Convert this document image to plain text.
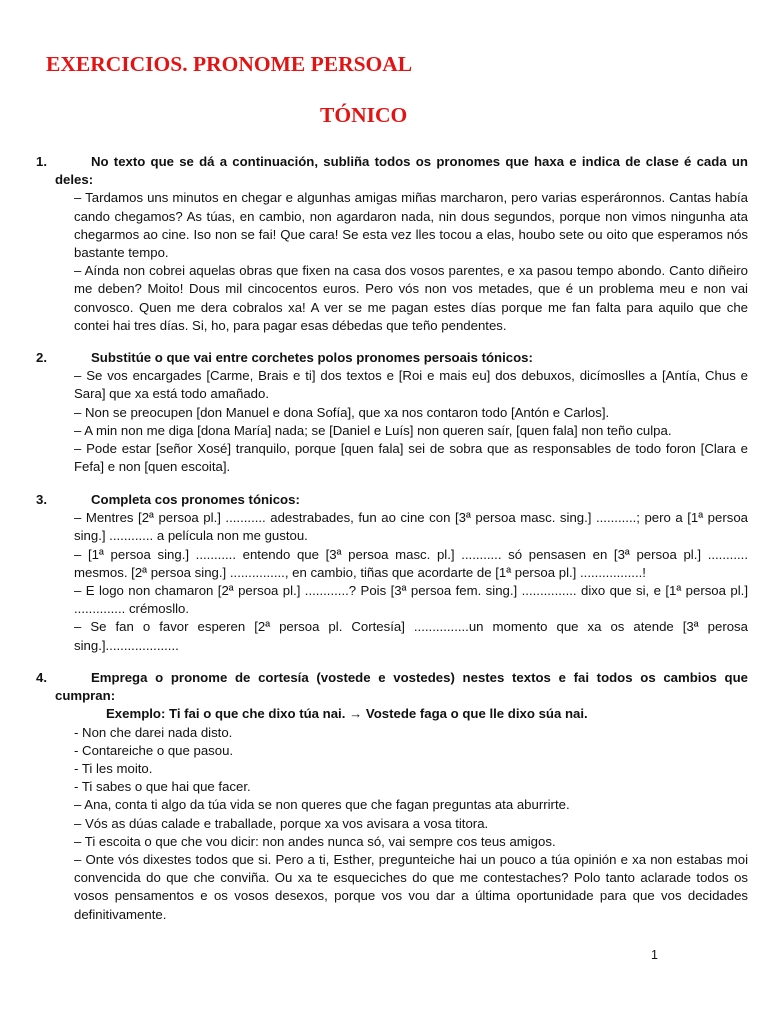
EXERCICIOS. PRONOME PERSOAL
TÓNICO
1.	No texto que se dá a continuación, subliña todos os pronomes que haxa e indica de clase é cada un deles:
– Tardamos uns minutos en chegar e algunhas amigas miñas marcharon, pero varias esperáronnos. Cantas había cando chegamos? As túas, en cambio, non agardaron nada, nin dous segundos, porque non vimos ningunha ata chegarmos ao cine. Iso non se fai! Que cara! Se esta vez lles tocou a elas, houbo sete ou oito que esperamos nós bastante tempo.
– Aínda non cobrei aquelas obras que fixen na casa dos vosos parentes, e xa pasou tempo abondo. Canto diñeiro me deben? Moito! Dous mil cincocentos euros. Pero vós non vos metades, que é un problema meu e non vai convosco. Quen me dera cobralos xa! A ver se me pagan estes días porque me fan falta para aquilo que che contei hai tres días. Si, ho, para pagar esas débedas que teño pendentes.
2.	Substitúe o que vai entre corchetes polos pronomes persoais tónicos:
– Se vos encargades [Carme, Brais e ti] dos textos e [Roi e mais eu] dos debuxos, dicímoslles a [Antía, Chus e Sara] que xa está todo amañado.
– Non se preocupen [don Manuel e dona Sofía], que xa nos contaron todo [Antón e Carlos].
– A min non me diga [dona María] nada; se [Daniel e Luís] non queren saír, [quen fala] non teño culpa.
– Pode estar [señor Xosé] tranquilo, porque [quen fala] sei de sobra que as responsables de todo foron [Clara e Fefa] e non [quen escoita].
3.	Completa cos pronomes tónicos:
– Mentres [2ª persoa pl.] ........... adestrabades, fun ao cine con [3ª persoa masc. sing.] ...........; pero a [1ª persoa sing.] ............ a película non me gustou.
– [1ª persoa sing.] ........... entendo que [3ª persoa masc. pl.] ........... só pensasen en [3ª persoa pl.] ........... mesmos. [2ª persoa sing.] ..............., en cambio, tiñas que acordarte de [1ª persoa pl.] .................!
– E logo non chamaron [2ª persoa pl.] ............? Pois [3ª persoa fem. sing.] ............... dixo que si, e [1ª persoa pl.] .............. crémosllo.
– Se fan o favor esperen [2ª persoa pl. Cortesía] ...............un momento que xa os atende [3ª perosa sing.]....................
4.	Emprega o pronome de cortesía (vostede e vostedes) nestes textos e fai todos os cambios que cumpran:
Exemplo: Ti fai o que che dixo túa nai. → Vostede faga o que lle dixo súa nai.
- Non che darei nada disto.
- Contareiche o que pasou.
- Ti les moito.
- Ti sabes o que hai que facer.
– Ana, conta ti algo da túa vida se non queres que che fagan preguntas ata aburrirte.
– Vós as dúas calade e traballade, porque xa vos avisara a vosa titora.
– Ti escoita o que che vou dicir: non andes nunca só, vai sempre cos teus amigos.
– Onte vós dixestes todos que si. Pero a ti, Esther, pregunteiche hai un pouco a túa opinión e xa non estabas moi convencida do que che conviña. Ou xa te esqueciches do que me contestaches? Polo tanto aclarade todos os vosos pensamentos e os vosos desexos, porque vos vou dar a última oportunidade para que vos decidades definitivamente.
1
